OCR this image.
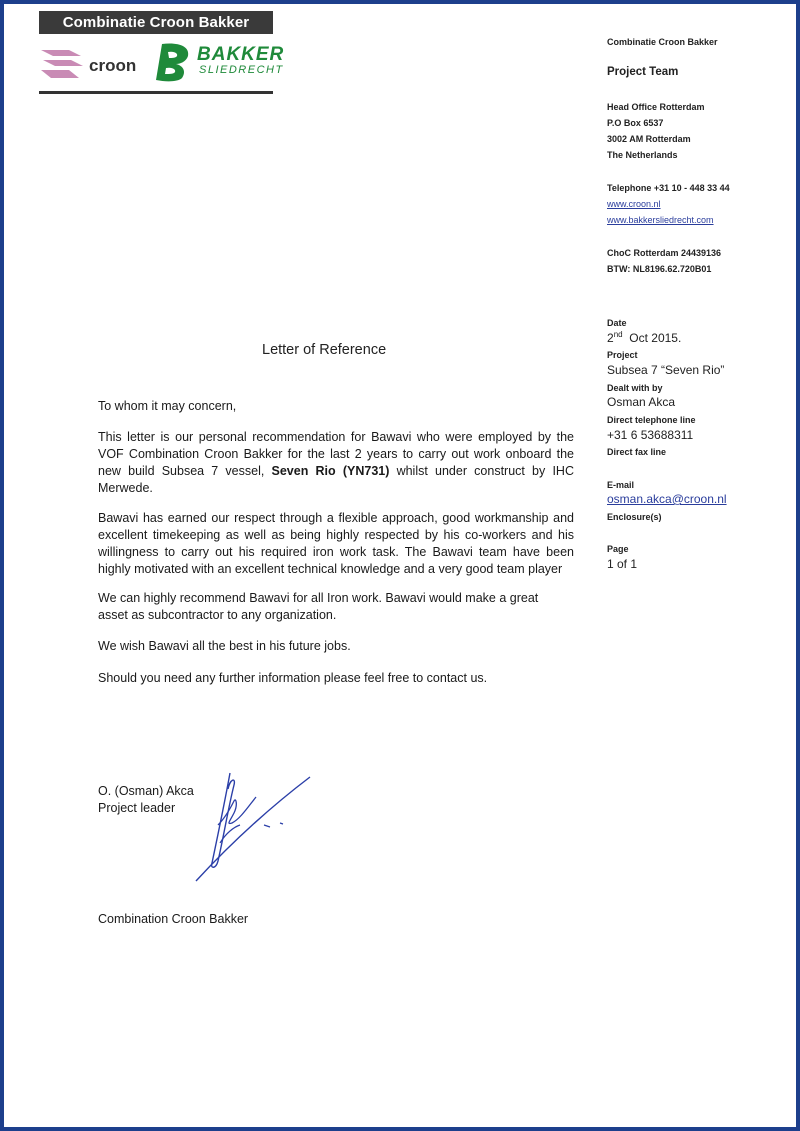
Combinatie Croon Bakker
croon
BAKKER
SLIEDRECHT
Combinatie Croon Bakker
Project Team
Head Office Rotterdam
P.O Box 6537
3002 AM Rotterdam
The Netherlands
Telephone +31 10 - 448 33 44
www.croon.nl
www.bakkersliedrecht.com
ChoC Rotterdam 24439136
BTW: NL8196.62.720B01
Date
2nd Oct 2015.
Project
Subsea 7 “Seven Rio”
Dealt with by
Osman Akca
Direct telephone line
+31 6 53688311
Direct fax line
E-mail
osman.akca@croon.nl
Enclosure(s)
Page
1 of 1
Letter of Reference
To whom it may concern,
This letter is our personal recommendation for Bawavi who were employed by the VOF Combination Croon Bakker for the last 2 years to carry out work onboard the new build Subsea 7 vessel, Seven Rio (YN731) whilst under construct by IHC Merwede.
Bawavi has earned our respect through a flexible approach, good workmanship and excellent timekeeping as well as being highly respected by his co-workers and his willingness to carry out his required iron work task. The Bawavi team have been highly motivated with an excellent technical knowledge and a very good team player
We can highly recommend Bawavi for all Iron work. Bawavi would make a great asset as subcontractor to any organization.
We wish Bawavi all the best in his future jobs.
Should you need any further information please feel free to contact us.
O. (Osman) Akca
Project leader
Combination Croon Bakker
